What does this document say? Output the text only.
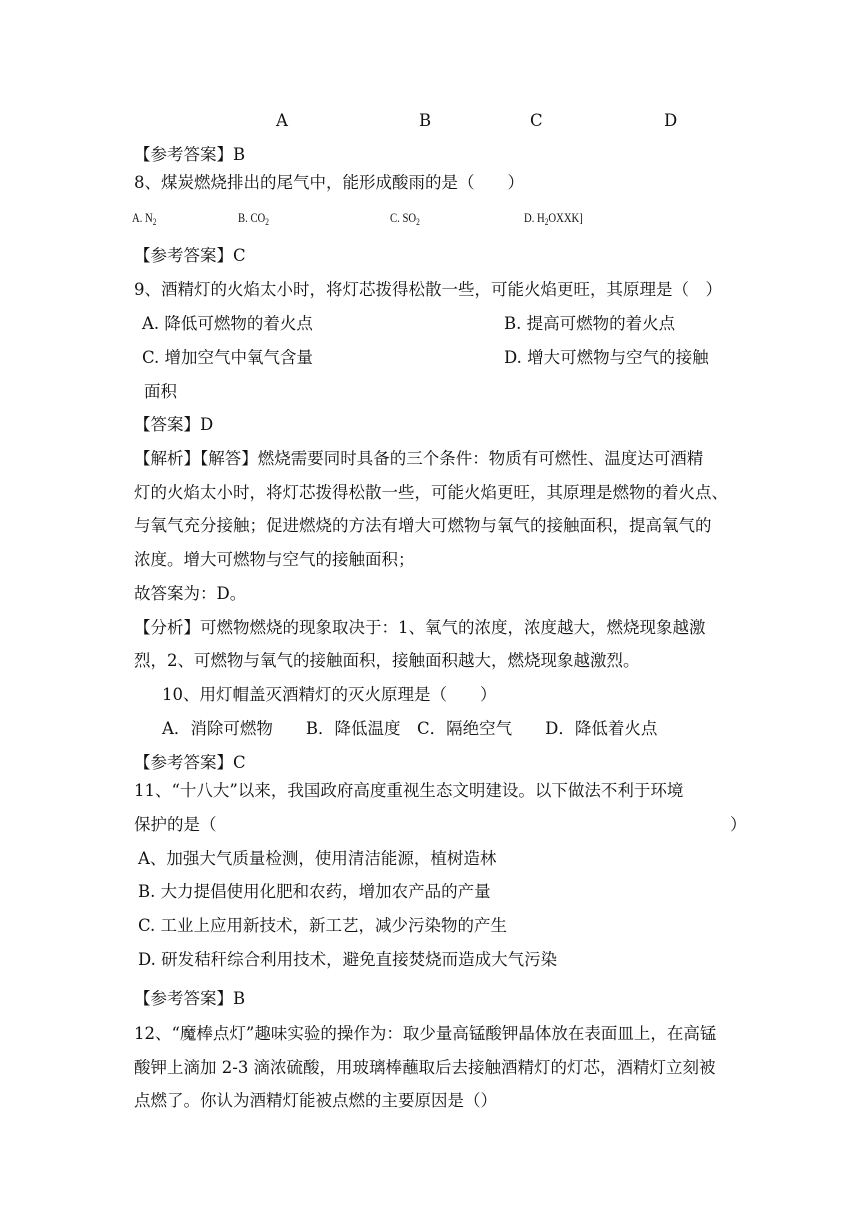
A	B	C	D
【参考答案】B
8、煤炭燃烧排出的尾气中，能形成酸雨的是（　　）
A. $N_2$	B. $CO_2$	C. $SO_2$	D. $H_2OXXK$]
【参考答案】C
9、酒精灯的火焰太小时，将灯芯拨得松散一些，可能火焰更旺，其原理是（　）
A. 降低可燃物的着火点	B. 提高可燃物的着火点
C. 增加空气中氧气含量	D. 增大可燃物与空气的接触
面积
【答案】D
【解析】【解答】燃烧需要同时具备的三个条件：物质有可燃性、温度达可酒精
灯的火焰太小时，将灯芯拨得松散一些，可能火焰更旺，其原理是燃物的着火点、
与氧气充分接触；促进燃烧的方法有增大可燃物与氧气的接触面积，提高氧气的
浓度。增大可燃物与空气的接触面积；
故答案为：D。
【分析】可燃物燃烧的现象取决于：1、氧气的浓度，浓度越大，燃烧现象越激
烈，2、可燃物与氧气的接触面积，接触面积越大，燃烧现象越激烈。
10、用灯帽盖灭酒精灯的灭火原理是（　　）
A．消除可燃物　　B．降低温度　C．隔绝空气　　D．降低着火点
【参考答案】C
11、“十八大”以来，我国政府高度重视生态文明建设。以下做法不利于环境
保护的是（	）
A、加强大气质量检测，使用清洁能源，植树造林
B. 大力提倡使用化肥和农药，增加农产品的产量
C. 工业上应用新技术，新工艺，减少污染物的产生
D. 研发秸秆综合利用技术，避免直接焚烧而造成大气污染
【参考答案】B
12、“魔棒点灯”趣味实验的操作为：取少量高锰酸钾晶体放在表面皿上，在高锰
酸钾上滴加 2-3 滴浓硫酸，用玻璃棒蘸取后去接触酒精灯的灯芯，酒精灯立刻被
点燃了。你认为酒精灯能被点燃的主要原因是（）
